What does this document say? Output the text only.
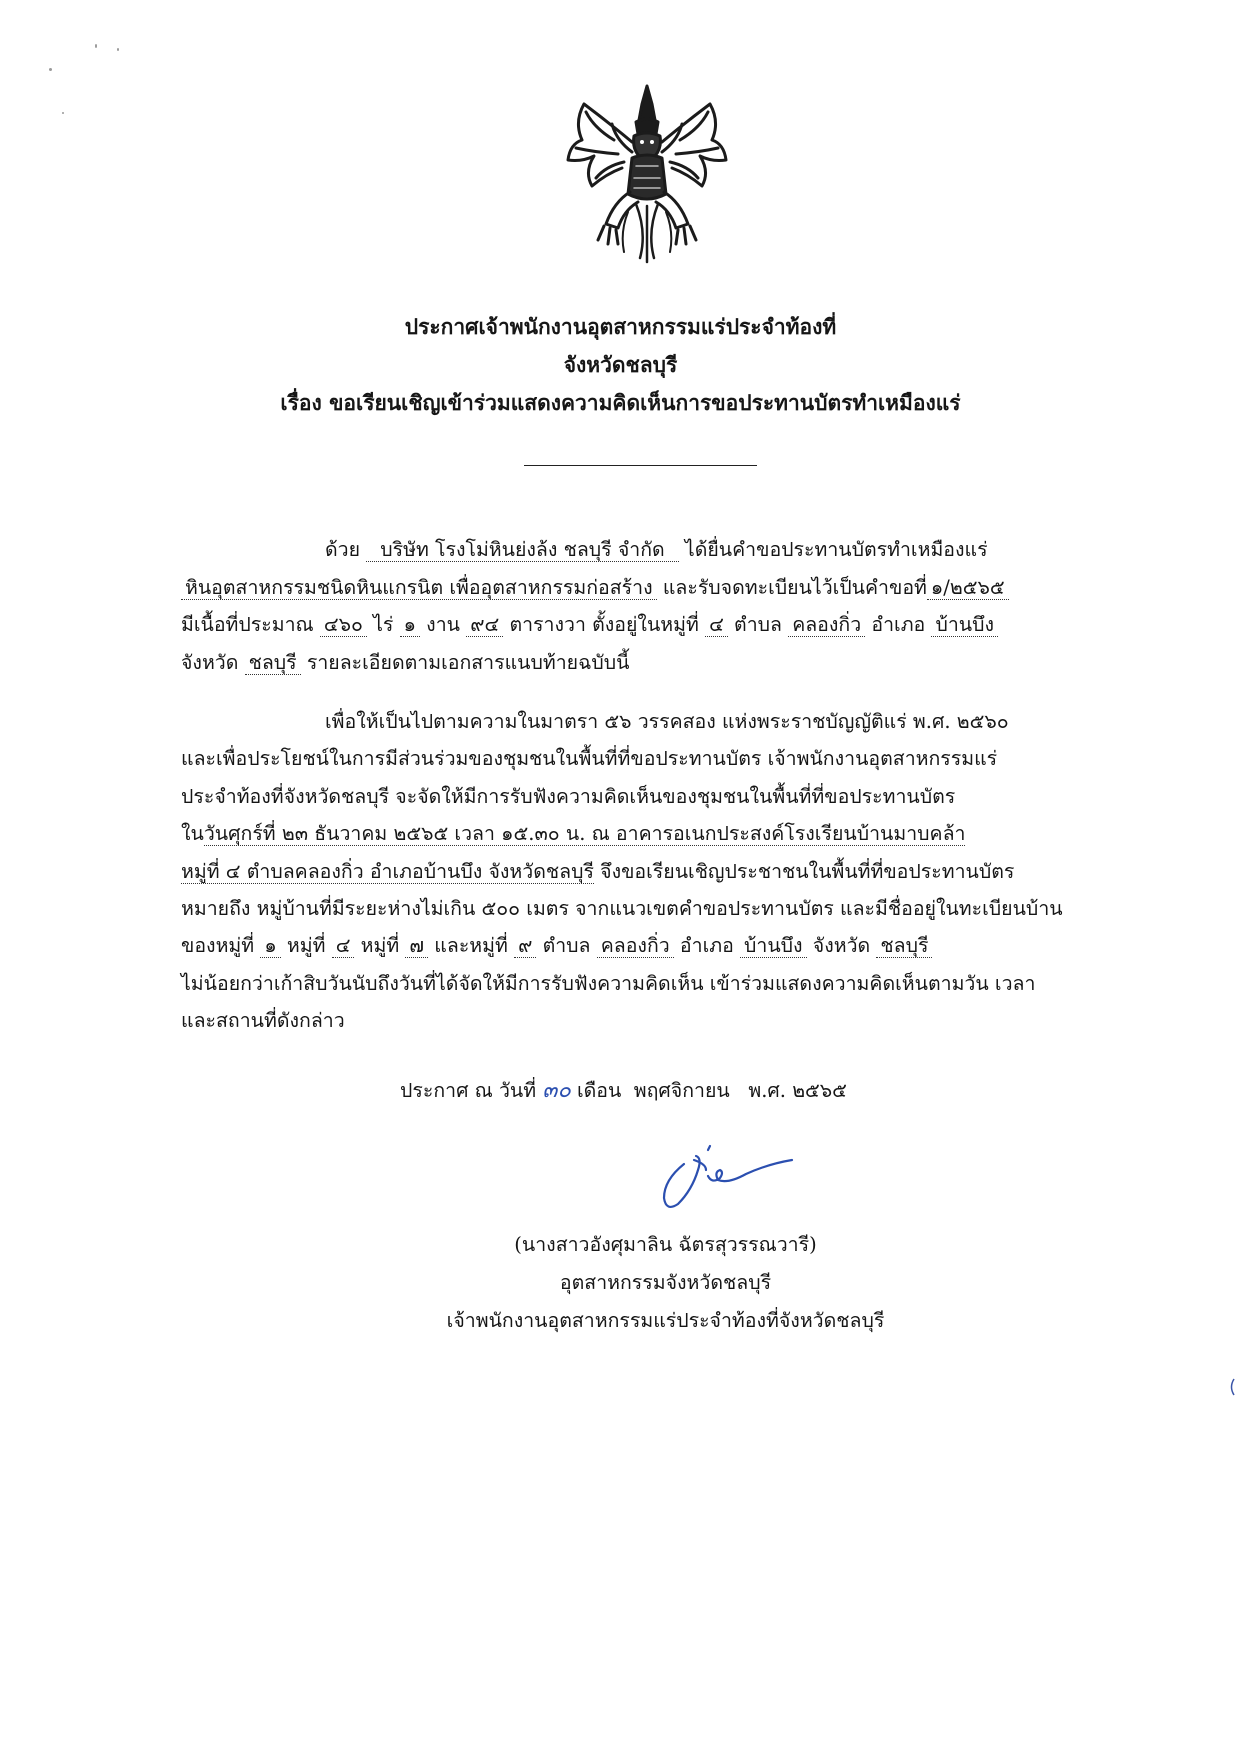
ประกาศเจ้าพนักงานอุตสาหกรรมแร่ประจำท้องที่
จังหวัดชลบุรี
เรื่อง ขอเรียนเชิญเข้าร่วมแสดงความคิดเห็นการขอประทานบัตรทำเหมืองแร่
ด้วย บริษัท โรงโม่หินย่งล้ง ชลบุรี จำกัด ได้ยื่นคำขอประทานบัตรทำเหมืองแร่
หินอุตสาหกรรมชนิดหินแกรนิต เพื่ออุตสาหกรรมก่อสร้าง และรับจดทะเบียนไว้เป็นคำขอที่ ๑/๒๕๖๕
มีเนื้อที่ประมาณ ๔๖๐ ไร่ ๑ งาน ๙๔ ตารางวา ตั้งอยู่ในหมู่ที่ ๔ ตำบล คลองกิ่ว อำเภอ บ้านบึง
จังหวัด ชลบุรี รายละเอียดตามเอกสารแนบท้ายฉบับนี้
เพื่อให้เป็นไปตามความในมาตรา ๕๖ วรรคสอง แห่งพระราชบัญญัติแร่ พ.ศ. ๒๕๖๐
และเพื่อประโยชน์ในการมีส่วนร่วมของชุมชนในพื้นที่ที่ขอประทานบัตร เจ้าพนักงานอุตสาหกรรมแร่
ประจำท้องที่จังหวัดชลบุรี จะจัดให้มีการรับฟังความคิดเห็นของชุมชนในพื้นที่ที่ขอประทานบัตร
ในวันศุกร์ที่ ๒๓ ธันวาคม ๒๕๖๕ เวลา ๑๕.๓๐ น. ณ อาคารอเนกประสงค์โรงเรียนบ้านมาบคล้า
หมู่ที่ ๔ ตำบลคลองกิ่ว อำเภอบ้านบึง จังหวัดชลบุรี จึงขอเรียนเชิญประชาชนในพื้นที่ที่ขอประทานบัตร
หมายถึง หมู่บ้านที่มีระยะห่างไม่เกิน ๕๐๐ เมตร จากแนวเขตคำขอประทานบัตร และมีชื่ออยู่ในทะเบียนบ้าน
ของหมู่ที่ ๑ หมู่ที่ ๔ หมู่ที่ ๗ และหมู่ที่ ๙ ตำบล คลองกิ่ว อำเภอ บ้านบึง จังหวัด ชลบุรี
ไม่น้อยกว่าเก้าสิบวันนับถึงวันที่ได้จัดให้มีการรับฟังความคิดเห็น เข้าร่วมแสดงความคิดเห็นตามวัน เวลา
และสถานที่ดังกล่าว
ประกาศ ณ วันที่ ๓๐ เดือน พฤศจิกายน พ.ศ. ๒๕๖๕
(นางสาวอังศุมาลิน ฉัตรสุวรรณวารี)
อุตสาหกรรมจังหวัดชลบุรี
เจ้าพนักงานอุตสาหกรรมแร่ประจำท้องที่จังหวัดชลบุรี
